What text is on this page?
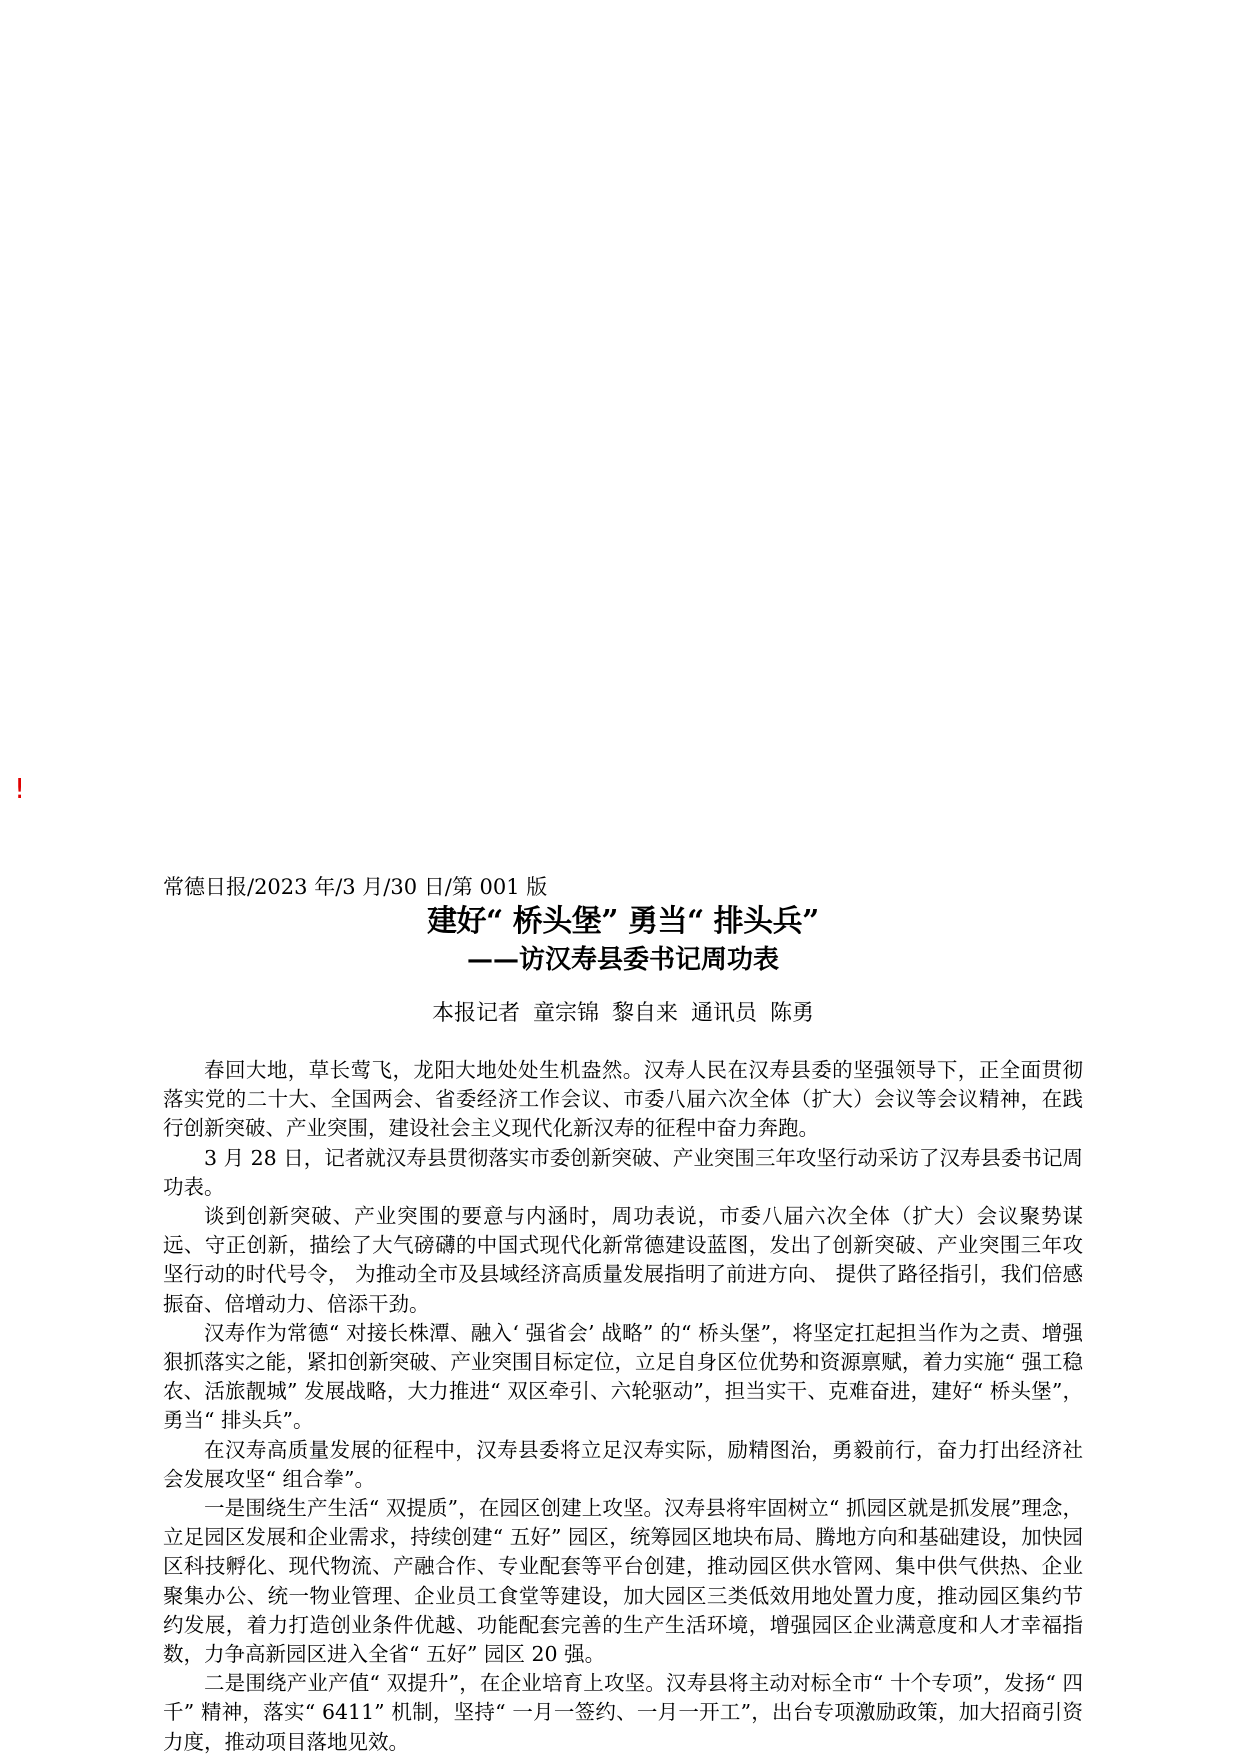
!

常德日报/2023 年/3 月/30 日/第 001 版

建好“ 桥头堡” 勇当“ 排头兵”

——访汉寿县委书记周功表

本报记者 童宗锦 黎自来 通讯员 陈勇

春回大地，草长莺飞，龙阳大地处处生机盎然。汉寿人民在汉寿县委的坚强领导下，正全面贯彻落实党的二十大、全国两会、省委经济工作会议、市委八届六次全体（扩大）会议等会议精神，在践行创新突破、产业突围，建设社会主义现代化新汉寿的征程中奋力奔跑。

3 月 28 日，记者就汉寿县贯彻落实市委创新突破、产业突围三年攻坚行动采访了汉寿县委书记周功表。

谈到创新突破、产业突围的要意与内涵时，周功表说，市委八届六次全体（扩大）会议聚势谋远、守正创新，描绘了大气磅礴的中国式现代化新常德建设蓝图，发出了创新突破、产业突围三年攻坚行动的时代号令， 为推动全市及县域经济高质量发展指明了前进方向、 提供了路径指引，我们倍感振奋、倍增动力、倍添干劲。

汉寿作为常德“ 对接长株潭、融入‘ 强省会’ 战略” 的“ 桥头堡”，将坚定扛起担当作为之责、增强狠抓落实之能，紧扣创新突破、产业突围目标定位，立足自身区位优势和资源禀赋，着力实施“ 强工稳农、活旅靓城” 发展战略，大力推进“ 双区牵引、六轮驱动”，担当实干、克难奋进，建好“ 桥头堡”，勇当“ 排头兵”。

在汉寿高质量发展的征程中，汉寿县委将立足汉寿实际，励精图治，勇毅前行，奋力打出经济社会发展攻坚“ 组合拳”。

一是围绕生产生活“ 双提质”，在园区创建上攻坚。汉寿县将牢固树立“ 抓园区就是抓发展”理念，立足园区发展和企业需求，持续创建“ 五好” 园区，统筹园区地块布局、腾地方向和基础建设，加快园区科技孵化、现代物流、产融合作、专业配套等平台创建，推动园区供水管网、集中供气供热、企业聚集办公、统一物业管理、企业员工食堂等建设，加大园区三类低效用地处置力度，推动园区集约节约发展，着力打造创业条件优越、功能配套完善的生产生活环境，增强园区企业满意度和人才幸福指数，力争高新园区进入全省“ 五好” 园区 20 强。

二是围绕产业产值“ 双提升”，在企业培育上攻坚。汉寿县将主动对标全市“ 十个专项”，发扬“ 四千” 精神，落实“ 6411” 机制，坚持“ 一月一签约、一月一开工”，出台专项激励政策，加大招商引资力度，推动项目落地见效。
